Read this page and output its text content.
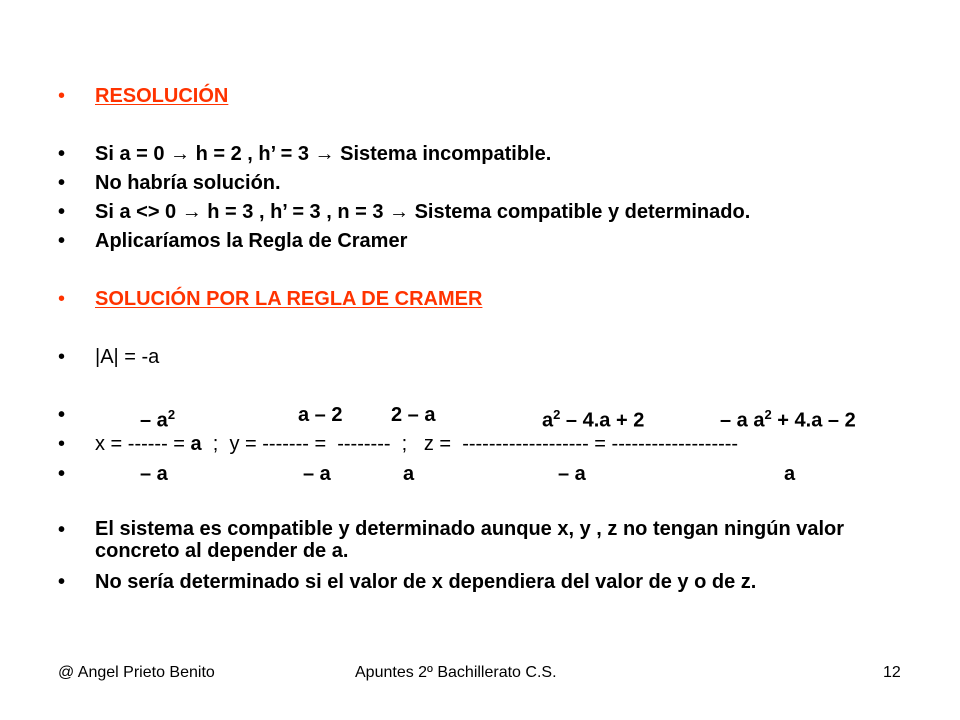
•	RESOLUCIÓN
•	Si a = 0 → h = 2 , h’ = 3 → Sistema incompatible.
•	No habría solución.
•	Si a <> 0 → h = 3 , h’ = 3 , n = 3 → Sistema compatible y determinado.
•	Aplicaríamos la Regla de Cramer
•	SOLUCIÓN POR LA REGLA DE CRAMER
•	|A| = -a
•	– $a^2$	a – 2 2 – a	$a^2 - 4.a + 2$	– a $a^2 + 4.a - 2$
•	x = ------ = a  ;  y = ------- =  --------  ;   z =  ------------------- = -------------------
•	– a	– a	a	– a	a
•	El sistema es compatible y determinado aunque x, y , z no tengan ningún valor concreto al depender de a.
•	No sería determinado si el valor de x dependiera del valor de y o de z.
@ Angel Prieto Benito	Apuntes 2º Bachillerato C.S.	12
